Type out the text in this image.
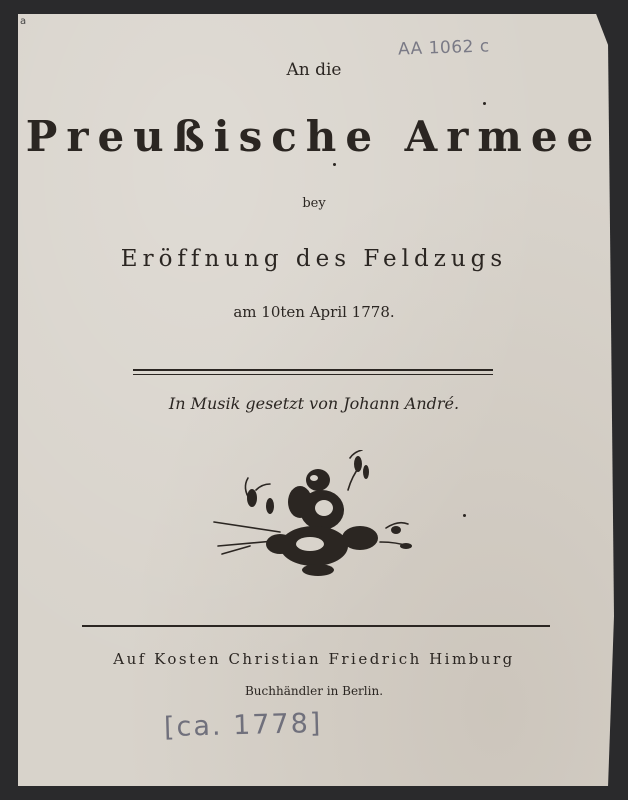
a
AA 1062 c
An die
Preußische Armee
bey
Eröffnung des Feldzugs
am 10ten April 1778.
In Musik gesetzt von Johann André.
Auf Kosten Christian Friedrich Himburg
Buchhändler in Berlin.
[ca. 1778]
